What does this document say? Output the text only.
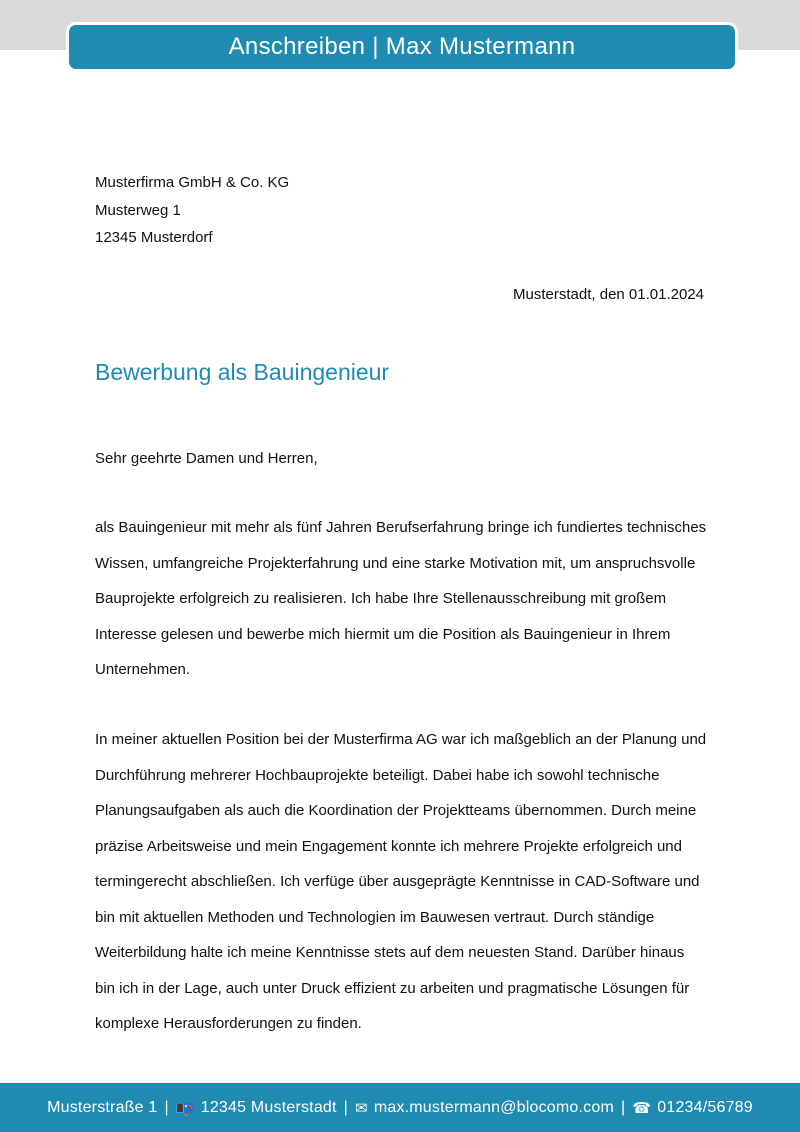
Anschreiben | Max Mustermann
Musterfirma GmbH & Co. KG
Musterweg 1
12345 Musterdorf
Musterstadt, den 01.01.2024
Bewerbung als Bauingenieur
Sehr geehrte Damen und Herren,

als Bauingenieur mit mehr als fünf Jahren Berufserfahrung bringe ich fundiertes technisches Wissen, umfangreiche Projekterfahrung und eine starke Motivation mit, um anspruchsvolle Bauprojekte erfolgreich zu realisieren. Ich habe Ihre Stellenausschreibung mit großem Interesse gelesen und bewerbe mich hiermit um die Position als Bauingenieur in Ihrem Unternehmen.

In meiner aktuellen Position bei der Musterfirma AG war ich maßgeblich an der Planung und Durchführung mehrerer Hochbauprojekte beteiligt. Dabei habe ich sowohl technische Planungsaufgaben als auch die Koordination der Projektteams übernommen. Durch meine präzise Arbeitsweise und mein Engagement konnte ich mehrere Projekte erfolgreich und termingerecht abschließen. Ich verfüge über ausgeprägte Kenntnisse in CAD-Software und bin mit aktuellen Methoden und Technologien im Bauwesen vertraut. Durch ständige Weiterbildung halte ich meine Kenntnisse stets auf dem neuesten Stand. Darüber hinaus bin ich in der Lage, auch unter Druck effizient zu arbeiten und pragmatische Lösungen für komplexe Herausforderungen zu finden.

Musterstraße 1 | 📭 12345 Musterstadt | ✉ max.mustermann@blocomo.com | ☎ 01234/56789
